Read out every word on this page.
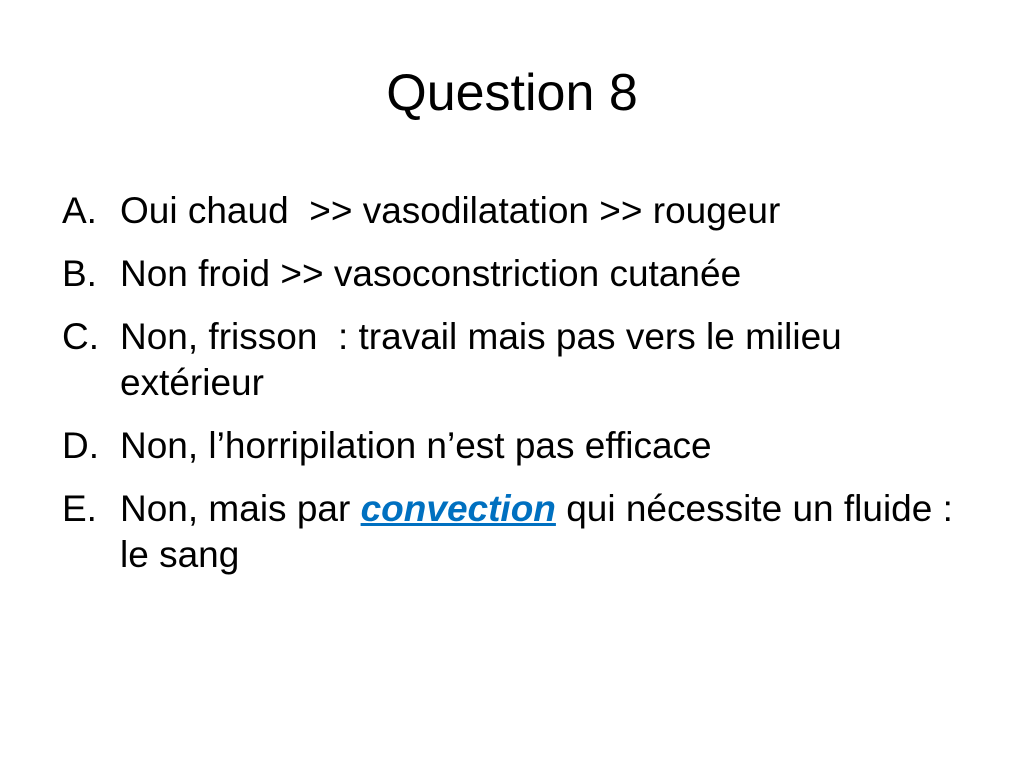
Question 8
A. Oui chaud  >> vasodilatation >> rougeur
B. Non froid >> vasoconstriction cutanée
C. Non, frisson  : travail mais pas vers le milieu extérieur
D. Non, l’horripilation n’est pas efficace
E. Non, mais par convection qui nécessite un fluide : le sang
